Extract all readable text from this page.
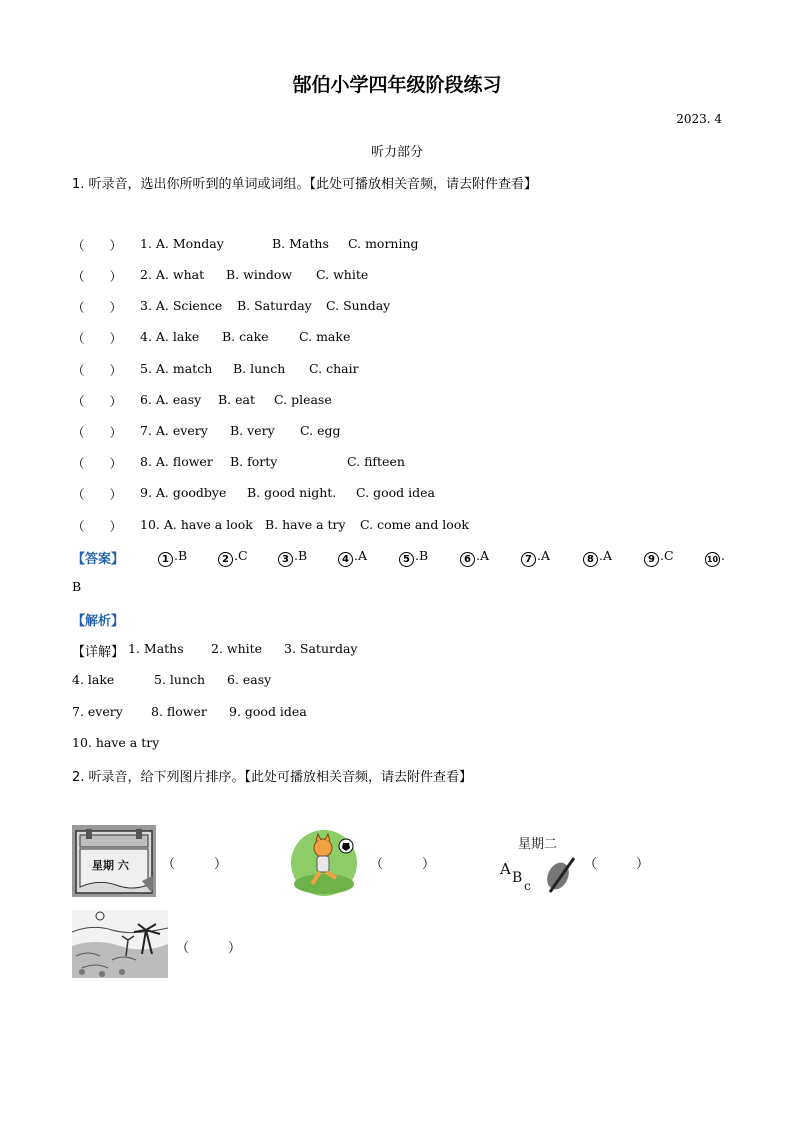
郜伯小学四年级阶段练习
2023. 4
听力部分
1. 听录音，选出你所听到的单词或词组。【此处可播放相关音频，请去附件查看】
（　　） 1. A. Monday	B. Maths C. morning
（　　） 2. A. what B. window C. white
（　　） 3. A. Science B. Saturday C. Sunday
（　　） 4. A. lake B. cake C. make
（　　） 5. A. match B. lunch C. chair
（　　） 6. A. easy B. eat C. please
（　　） 7. A. every B. very C. egg
（　　） 8. A. flower B. forty	C. fifteen
（　　） 9. A. goodbye B. good night. C. good idea
（　　） 10. A. have a look B. have a try C. come and look
【答案】	1 .B	2 .C	3 .B	4 .A	5 .B	6 .A	7 .A	8 .A	9 .C	10 .
B
【解析】
【详解】 1. Maths 2. white 3. Saturday
4. lake	5. lunch 6. easy
7. every 8. flower 9. good idea
10. have a try
2. 听录音，给下列图片排序。【此处可播放相关音频，请去附件查看】
星期 六	（　　　）	（　　　）
星期二
A B c
（　　　）
（　　　）
